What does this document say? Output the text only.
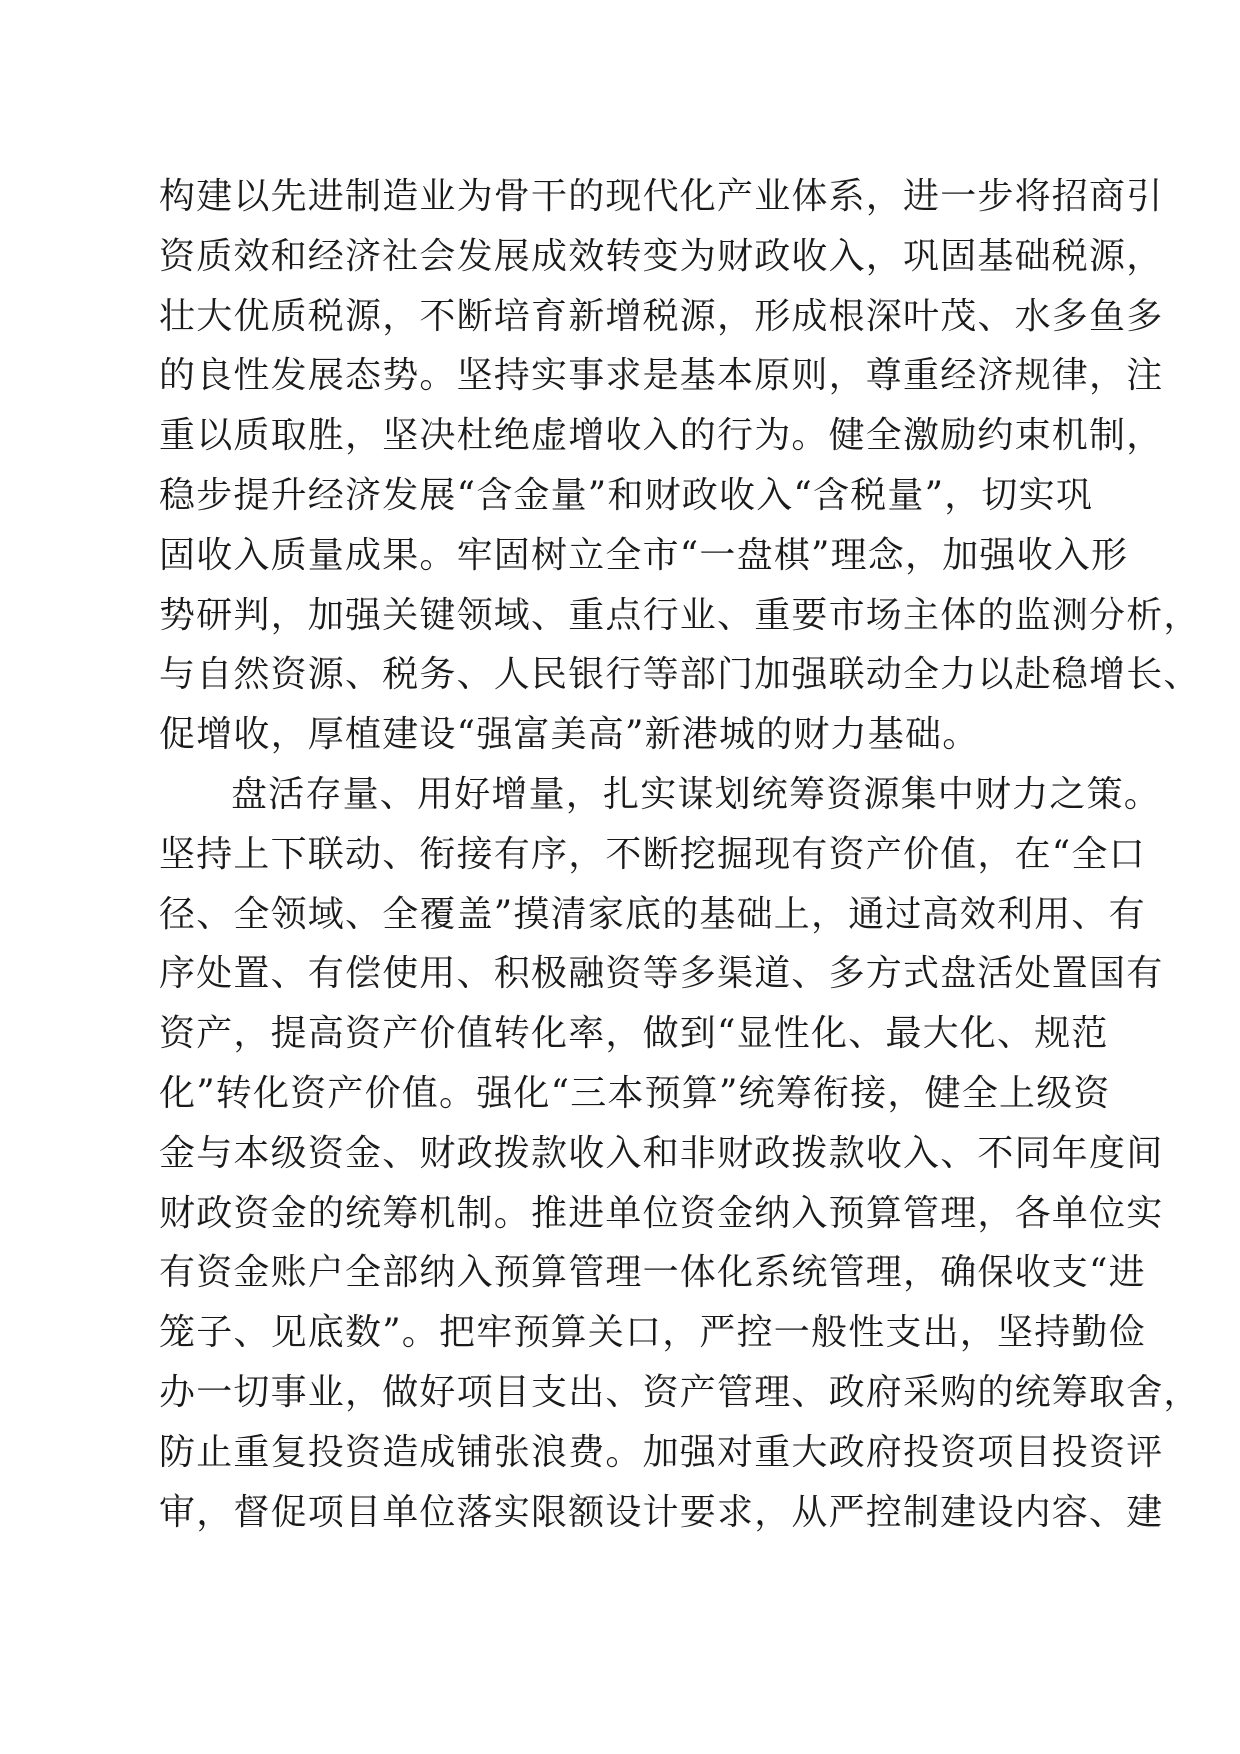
构建以先进制造业为骨干的现代化产业体系，进一步将招商引
资质效和经济社会发展成效转变为财政收入，巩固基础税源，
壮大优质税源，不断培育新增税源，形成根深叶茂、水多鱼多
的良性发展态势。坚持实事求是基本原则，尊重经济规律，注
重以质取胜，坚决杜绝虚增收入的行为。健全激励约束机制，
稳步提升经济发展“含金量”和财政收入“含税量”，切实巩
固收入质量成果。牢固树立全市“一盘棋”理念，加强收入形
势研判，加强关键领域、重点行业、重要市场主体的监测分析，
与自然资源、税务、人民银行等部门加强联动全力以赴稳增长、
促增收，厚植建设“强富美高”新港城的财力基础。
盘活存量、用好增量，扎实谋划统筹资源集中财力之策。
坚持上下联动、衔接有序，不断挖掘现有资产价值，在“全口
径、全领域、全覆盖”摸清家底的基础上，通过高效利用、有
序处置、有偿使用、积极融资等多渠道、多方式盘活处置国有
资产，提高资产价值转化率，做到“显性化、最大化、规范
化”转化资产价值。强化“三本预算”统筹衔接，健全上级资
金与本级资金、财政拨款收入和非财政拨款收入、不同年度间
财政资金的统筹机制。推进单位资金纳入预算管理，各单位实
有资金账户全部纳入预算管理一体化系统管理，确保收支“进
笼子、见底数”。把牢预算关口，严控一般性支出，坚持勤俭
办一切事业，做好项目支出、资产管理、政府采购的统筹取舍，
防止重复投资造成铺张浪费。加强对重大政府投资项目投资评
审，督促项目单位落实限额设计要求，从严控制建设内容、建
